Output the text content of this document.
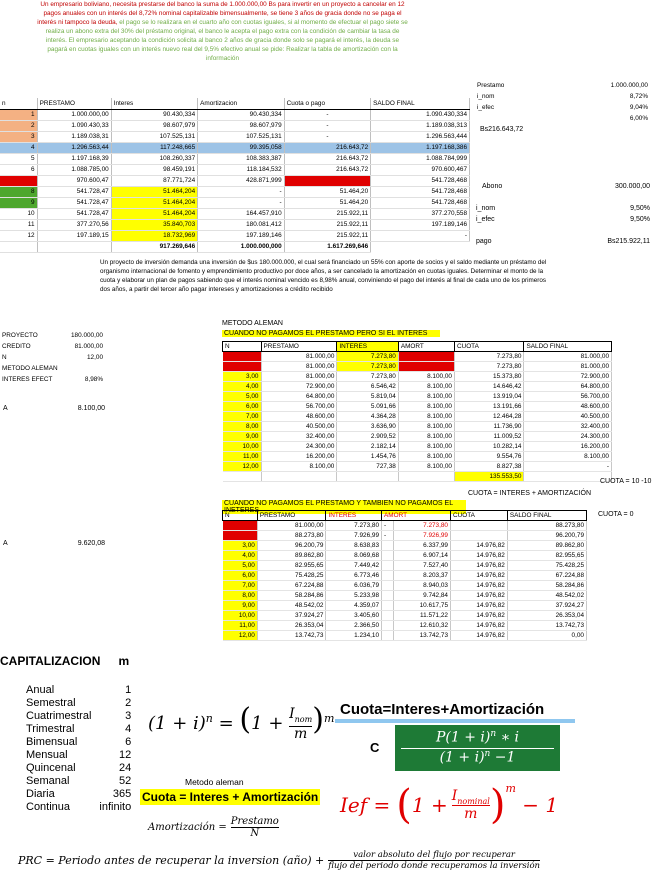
Un empresario boliviano, necesita prestarse del banco la suma de 1.000.000,00 Bs para invertir en un proyecto a cancelar en 12
pagos anuales con un interés del 8,72% nominal capitalizable bimensualmente, se tiene 3 años de gracia donde no se paga el
interés ni tampoco la deuda, el pago se lo realizara en el cuarto año con cuotas iguales, si al momento de efectuar el pago siete se
realiza un abono extra del 30% del préstamo original, el banco le acepta el pago extra con la condición de cambiar la tasa de
interés. El empresario aceptando la condición solicita al banco 2 años de gracia donde solo se pagará el interés, la deuda se
pagará en cuotas iguales con un interés nuevo real del 9,5% efectivo anual se pide: Realizar la tabla de amortización con la
información
Prestamo	1.000.000,00
i_nom	8,72%
i_efec	9,04%
	6,00%
Bs216.643,72
Abono	300.000,00
i_nom	9,50%
i_efec	9,50%
pago	Bs215.922,11
n	PRESTAMO	Interes	Amortizacion	Cuota o pago	SALDO FINAL
1	1.000.000,00	90.430,334	90.430,334	-	1.090.430,334
2	1.090.430,33	98.607,979	98.607,979	-	1.189.038,313
3	1.189.038,31	107.525,131	107.525,131	-	1.296.563,444
4	1.296.563,44	117.248,665	99.395,058	216.643,72	1.197.168,386
5	1.197.168,39	108.260,337	108.383,387	216.643,72	1.088.784,999
6	1.088.785,00	98.459,191	118.184,532	216.643,72	970.600,467
	970.600,47	87.771,724	428.871,999	216.643,72	541.728,468
8	541.728,47	51.464,204	-	51.464,20	541.728,468
9	541.728,47	51.464,204	-	51.464,20	541.728,468
10	541.728,47	51.464,204	164.457,910	215.922,11	377.270,558
11	377.270,56	35.840,703	180.081,412	215.922,11	197.189,146
12	197.189,15	18.732,969	197.189,146	215.922,11	-
		917.269,646	1.000.000,000	1.617.269,646	
Un proyecto de inversión demanda una inversión de $us 180.000.000, el cual será financiado un 55% con aporte de socios y el saldo mediante un préstamo del organismo internacional de fomento y emprendimiento productivo por doce años, a ser cancelado la amortización en cuotas iguales. Determinar el monto de la cuota y elaborar un plan de pagos sabiendo que el interés nominal vencido es 8,98% anual, conviniendo el pago del interés al final de cada uno de los primeros dos años, a partir del tercer año pagar intereses y amortizaciones a crédito recibido
PROYECTO	180.000,00
CREDITO	81.000,00
N	12,00
METODO ALEMAN	
INTERES EFECT	8,98%
A	8.100,00
A	9.620,08
METODO ALEMAN
CUANDO NO PAGAMOS EL PRESTAMO PERO SI EL INTERES
N	PRESTAMO	INTERES	AMORT	CUOTA	SALDO FINAL
1,00	81.000,00	7.273,80		7.273,80	81.000,00
2,00	81.000,00	7.273,80		7.273,80	81.000,00
3,00	81.000,00	7.273,80	8.100,00	15.373,80	72.900,00
4,00	72.900,00	6.546,42	8.100,00	14.646,42	64.800,00
5,00	64.800,00	5.819,04	8.100,00	13.919,04	56.700,00
6,00	56.700,00	5.091,66	8.100,00	13.191,66	48.600,00
7,00	48.600,00	4.364,28	8.100,00	12.464,28	40.500,00
8,00	40.500,00	3.636,90	8.100,00	11.736,90	32.400,00
9,00	32.400,00	2.909,52	8.100,00	11.009,52	24.300,00
10,00	24.300,00	2.182,14	8.100,00	10.282,14	16.200,00
11,00	16.200,00	1.454,76	8.100,00	9.554,76	8.100,00
12,00	8.100,00	727,38	8.100,00	8.827,38	-
				135.553,50	
CUOTA = 10 -10
CUOTA = INTERES + AMORTIZACIÓN
CUANDO NO PAGAMOS EL PRESTAMO Y TAMBIEN NO PAGAMOS EL INETERES
CUOTA = 0
N	PRESTAMO	INTERES	AMORT		CUOTA	SALDO FINAL
1,00	81.000,00	7.273,80	-	7.273,80		88.273,80
2,00	88.273,80	7.926,99	-	7.926,99		96.200,79
3,00	96.200,79	8.638,83		6.337,99	14.976,82	89.862,80
4,00	89.862,80	8.069,68		6.907,14	14.976,82	82.955,65
5,00	82.955,65	7.449,42		7.527,40	14.976,82	75.428,25
6,00	75.428,25	6.773,46		8.203,37	14.976,82	67.224,88
7,00	67.224,88	6.036,79		8.940,03	14.976,82	58.284,86
8,00	58.284,86	5.233,98		9.742,84	14.976,82	48.542,02
9,00	48.542,02	4.359,07		10.617,75	14.976,82	37.924,27
10,00	37.924,27	3.405,60		11.571,22	14.976,82	26.353,04
11,00	26.353,04	2.366,50		12.610,32	14.976,82	13.742,73
12,00	13.742,73	1.234,10		13.742,73	14.976,82	0,00
CAPITALIZACION m
Anual	1
Semestral	2
Cuatrimestral	3
Trimestral	4
Bimensual	6
Mensual	12
Quincenal	24
Semanal	52
Diaria	365
Continua	infinito
$(1 + i)^n = (1 + I_{nom}$
m )$^m$
Cuota=Interes+Amortización
C
$P(1 + i)^n$ ∗ i
$(1 + i)^n -1$
Metodo aleman
Cuota = Interes + Amortización
Amortización =
Prestamo
N
Ief = ( $1 + I_{nominal}$
m )$^m$
− 1
PRC = Periodo antes de recuperar la inversion (año) +	valor absoluto del flujo por recuperar
flujo del periodo donde recuperamos la inversión
